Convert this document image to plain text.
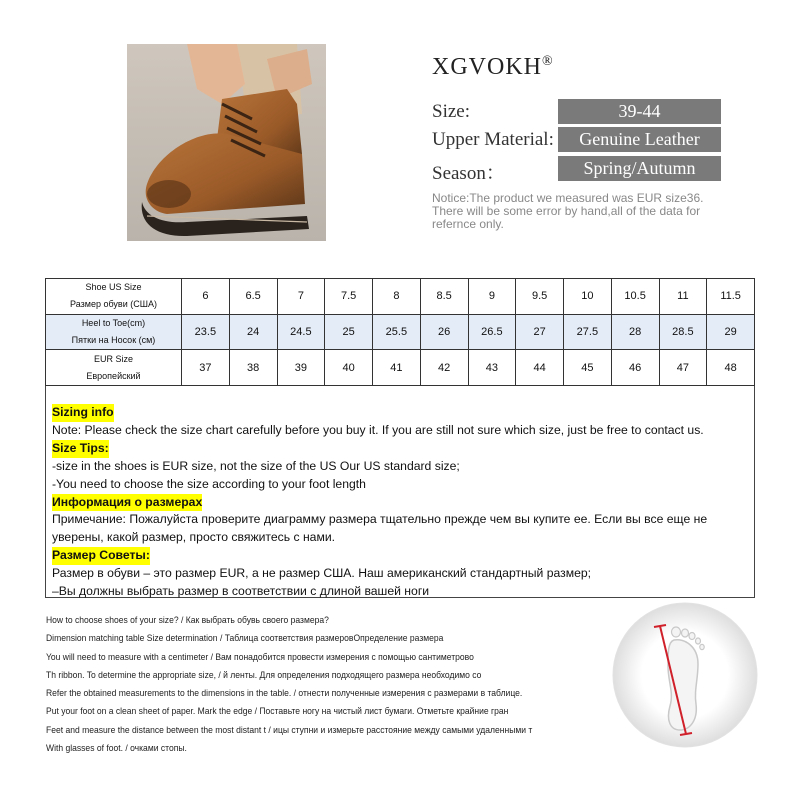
XGVOKH®
Size:	39-44
Upper Material:	Genuine Leather
Season：	Spring/Autumn
Notice:The product we measured was EUR size36.
There will be some error by hand,all of the data for
refernce only.
Shoe US Size
Размер обуви (США)	6	6.5	7	7.5	8	8.5	9	9.5	10	10.5	11	11.5

Heel to Toe(cm)
Пятки на Носок (см)	23.5	24	24.5	25	25.5	26	26.5	27	27.5	28	28.5	29

EUR Size
Европейский	37	38	39	40	41	42	43	44	45	46	47	48
Sizing info
Note: Please check the size chart carefully before you buy it. If you are still not sure which size, just be free to contact us.
Size Tips:
-size in the shoes is EUR size, not the size of the US Our US standard size;
-You need to choose the size according to your foot length
Информация о размерах
Примечание: Пожалуйста проверите диаграмму размера тщательно прежде чем вы купите ее. Если вы все еще не
уверены, какой размер, просто свяжитесь с нами.
Размер Советы:
Размер в обуви – это размер EUR, а не размер США. Наш американский стандартный размер;
–Вы должны выбрать размер в соответствии с длиной вашей ноги
How to choose shoes of your size? / Как выбрать обувь своего размера?
Dimension matching table Size determination / Таблица соответствия размеровОпределение размера
You will need to measure with a centimeter / Вам понадобится провести измерения с помощью сантиметрово
Th ribbon. To determine the appropriate size, / й ленты. Для определения подходящего размера необходимо со
Refer the obtained measurements to the dimensions in the table. / отнести полученные измерения с размерами в таблице.
Put your foot on a clean sheet of paper. Mark the edge / Поставьте ногу на чистый лист бумаги. Отметьте крайние гран
Feet and measure the distance between the most distant t / ицы ступни и измерьте расстояние между самыми удаленными т
With glasses of foot. / очками стопы.
